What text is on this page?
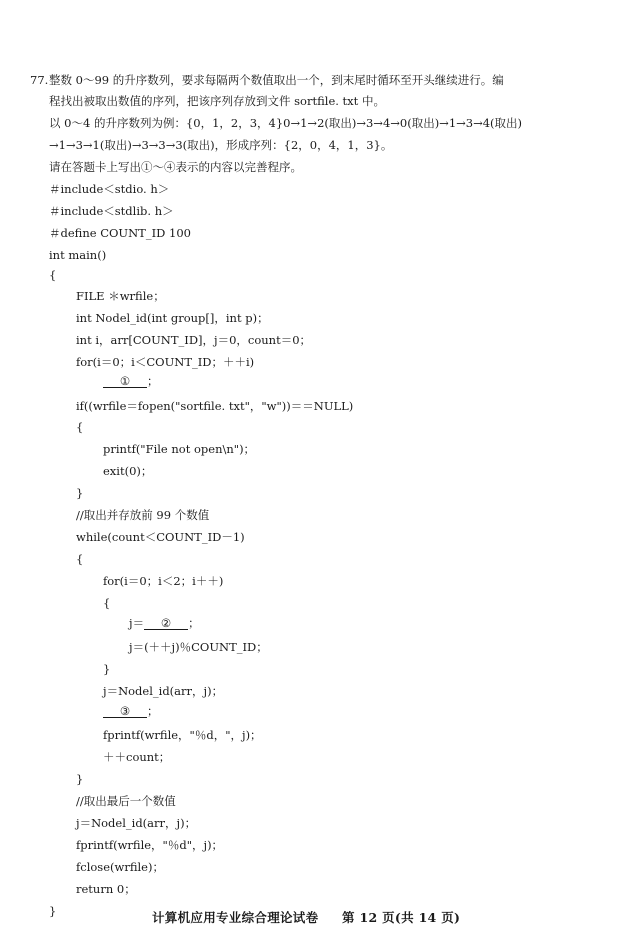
77. 整数 0～99 的升序数列，要求每隔两个数值取出一个，到末尾时循环至开头继续进行。编
程找出被取出数值的序列，把该序列存放到文件 sortfile. txt 中。
以 0～4 的升序数列为例：{0，1，2，3，4}0→1→2(取出)→3→4→0(取出)→1→3→4(取出)
→1→3→1(取出)→3→3→3(取出)，形成序列：{2，0，4，1，3}。
请在答题卡上写出①～④表示的内容以完善程序。
＃include＜stdio. h＞
＃include＜stdlib. h＞
＃define COUNT_ID 100
int main()
{
FILE ＊wrfile；
int Nodel_id(int group[]，int p)；
int i，arr[COUNT_ID]，j＝0，count＝0；
for(i＝0；i＜COUNT_ID；＋＋i)
① ；
if((wrfile＝fopen("sortfile. txt"，"w"))＝＝NULL)
{
printf("File not open\n")；
exit(0)；
}
//取出并存放前 99 个数值
while(count＜COUNT_ID－1)
{
for(i＝0；i＜2；i＋＋)
{
j＝ ② ；
j＝(＋＋j)％COUNT_ID；
}
j＝Nodel_id(arr，j)；
③ ；
fprintf(wrfile，"％d，"，j)；
＋＋count；
}
//取出最后一个数值
j＝Nodel_id(arr，j)；
fprintf(wrfile，"％d"，j)；
fclose(wrfile)；
return 0；
}	计算机应用专业综合理论试卷 第 12 页(共 14 页)
